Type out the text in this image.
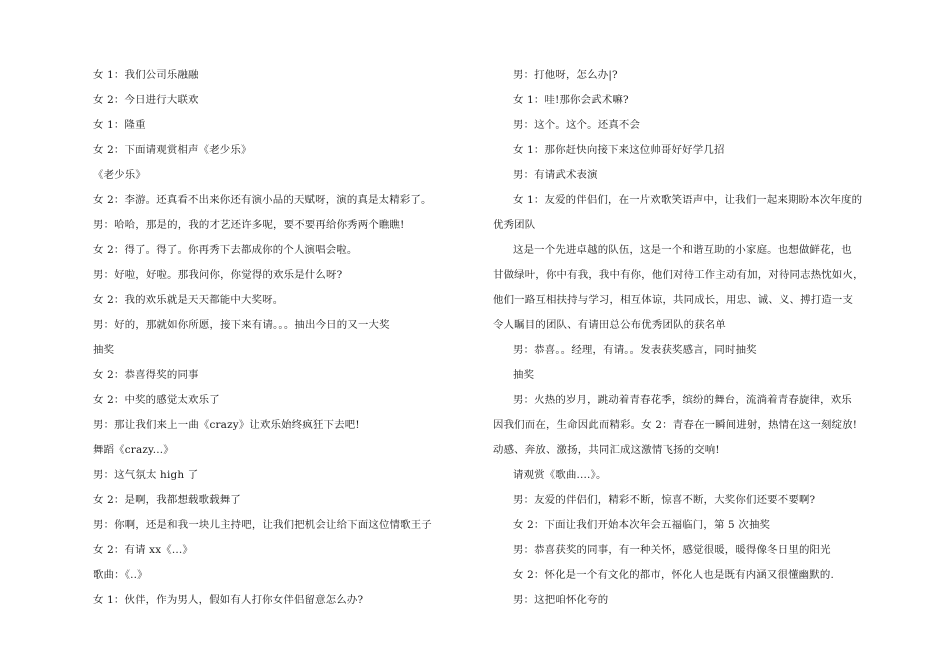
女 1：我们公司乐融融
女 2：今日进行大联欢
女 1：隆重
女 2：下面请观赏相声《老少乐》
《老少乐》
女 2：李游。还真看不出来你还有演小品的天赋呀，演的真是太精彩了。
男：哈哈，那是的，我的才艺还许多呢，要不要再给你秀两个瞧瞧!
女 2：得了。得了。你再秀下去都成你的个人演唱会啦。
男：好啦，好啦。那我问你，你觉得的欢乐是什么呀?
女 2：我的欢乐就是天天都能中大奖呀。
男：好的，那就如你所愿，接下来有请。。。抽出今日的又一大奖
抽奖
女 2：恭喜得奖的同事
女 2：中奖的感觉太欢乐了
男：那让我们来上一曲《crazy》让欢乐始终疯狂下去吧!
舞蹈《crazy...》
男：这气氛太 high 了
女 2：是啊，我都想载歌载舞了
男：你啊，还是和我一块儿主持吧，让我们把机会让给下面这位情歌王子
女 2：有请 xx《...》
歌曲：《..》
女 1：伙伴，作为男人，假如有人打你女伴侣留意怎么办?
男：打他呀，怎么办|?
女 1：哇!那你会武术嘛?
男：这个。这个。还真不会
女 1：那你赶快向接下来这位帅哥好好学几招
男：有请武术表演
女 1：友爱的伴侣们，在一片欢歌笑语声中，让我们一起来期盼本次年度的
优秀团队
这是一个先进卓越的队伍，这是一个和谐互助的小家庭。也想做鲜花，也
甘做绿叶，你中有我，我中有你，他们对待工作主动有加，对待同志热忱如火，
他们一路互相扶持与学习，相互体谅，共同成长，用忠、诚、义、搏打造一支
令人瞩目的团队、有请田总公布优秀团队的获名单
男：恭喜。。经理，有请。。发表获奖感言，同时抽奖
抽奖
男：火热的岁月，跳动着青春花季，缤纷的舞台，流淌着青春旋律，欢乐
因我们而在，生命因此而精彩。女 2：青春在一瞬间进射，热情在这一刻绽放!
动感、奔放、激扬，共同汇成这激情飞扬的交响!
请观赏《歌曲....》。
男：友爱的伴侣们，精彩不断，惊喜不断，大奖你们还要不要啊?
女 2：下面让我们开始本次年会五福临门，第 5 次抽奖
男：恭喜获奖的同事，有一种关怀，感觉很暖，暖得像冬日里的阳光
女 2：怀化是一个有文化的都市，怀化人也是既有内涵又很懂幽默的.
男：这把咱怀化夸的
